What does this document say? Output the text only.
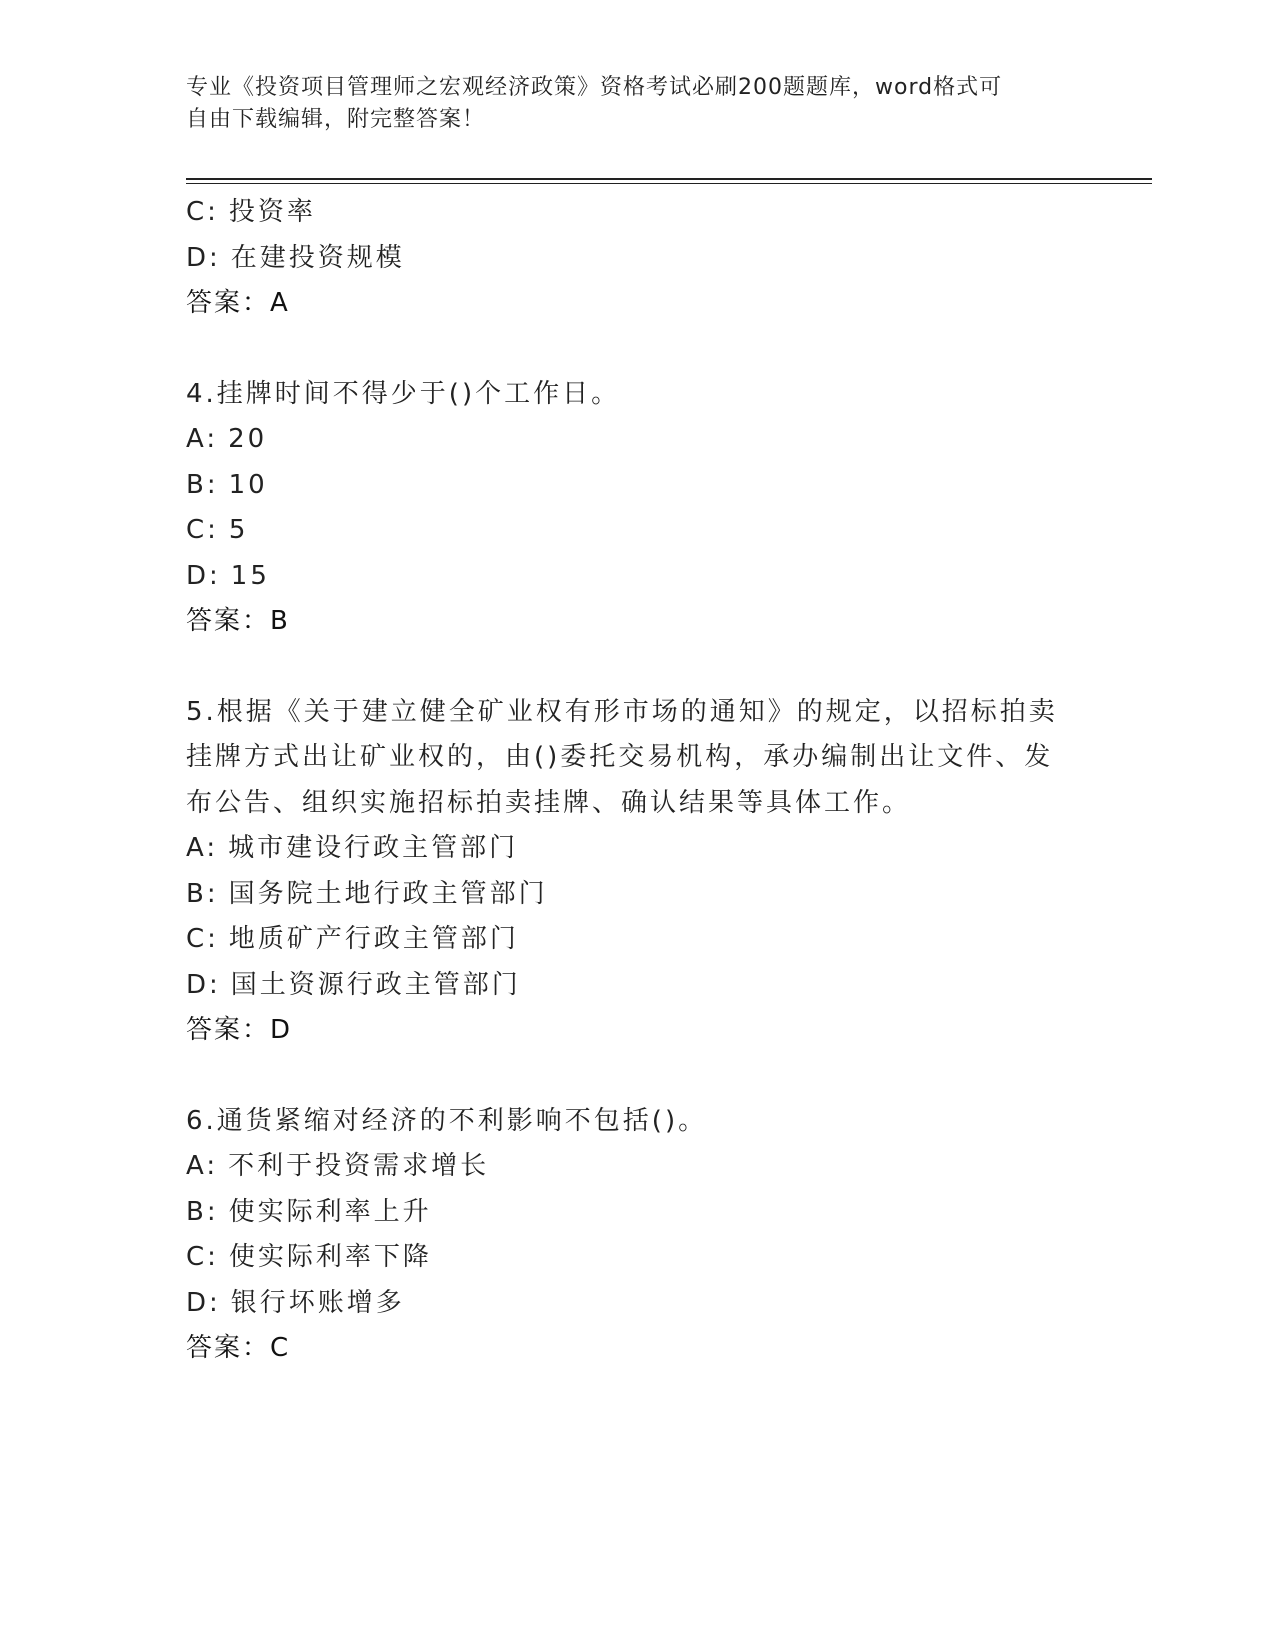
专业《投资项目管理师之宏观经济政策》资格考试必刷200题题库，word格式可
自由下载编辑，附完整答案！
C: 投资率
D: 在建投资规模
答案：A
4.挂牌时间不得少于()个工作日。
A: 20
B: 10
C: 5
D: 15
答案：B
5.根据《关于建立健全矿业权有形市场的通知》的规定，以招标拍卖
挂牌方式出让矿业权的，由()委托交易机构，承办编制出让文件、发
布公告、组织实施招标拍卖挂牌、确认结果等具体工作。
A: 城市建设行政主管部门
B: 国务院土地行政主管部门
C: 地质矿产行政主管部门
D: 国土资源行政主管部门
答案：D
6.通货紧缩对经济的不利影响不包括()。
A: 不利于投资需求增长
B: 使实际利率上升
C: 使实际利率下降
D: 银行坏账增多
答案：C
